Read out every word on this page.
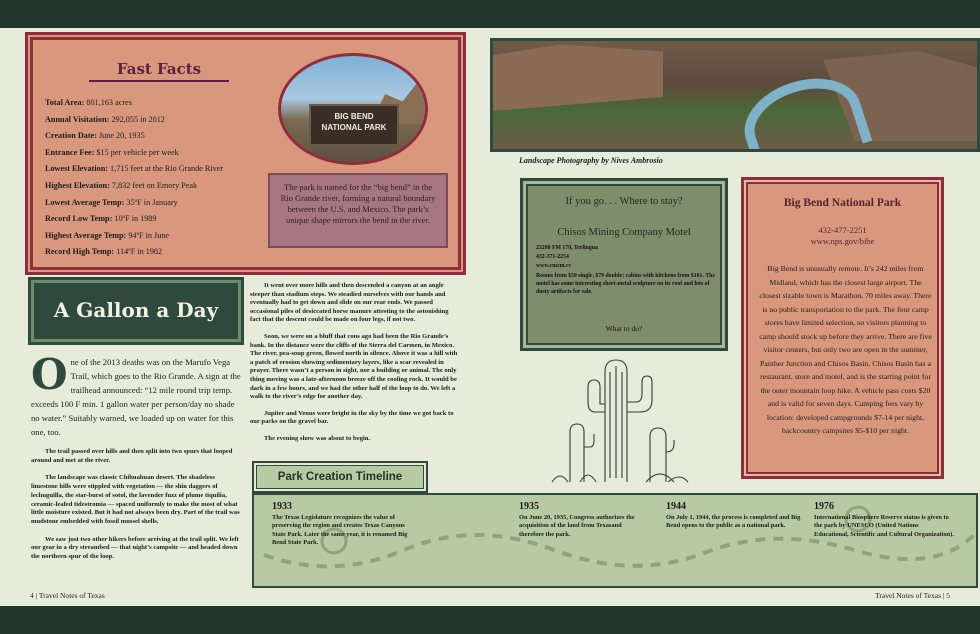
Fast Facts
Total Area: 801,163 acres
Annual Visitation: 292,055 in 2012
Creation Date: June 20, 1935
Entrance Fee: $15 per vehicle per week
Lowest Elevation: 1,715 feet at the Rio Grande River
Highest Elevation: 7,832 feet on Emory Peak
Lowest Average Temp: 35ºF in January
Record Low Temp: 10ºF in 1989
Highest Average Temp: 94ºF in June
Record High Temp: 114ºF in 1982
BIG BEND
NATIONAL PARK
The park is named for the “big bend” in the Rio Grande river, forming a natural boundary between the U.S. and Mexico. The park’s unique shape mirrors the bend in the river.
Landscape Photography by Nives Ambrosio
A Gallon a Day
One of the 2013 deaths was on the Marufo Vega Trail, which goes to the Rio Grande. A sign at the trailhead announced: “12 mile round trip temp. exceeds 100 F min. 1 gallon water per person/day no shade no water.” Suitably warned, we loaded up on water for this one, too.

The trail passed over hills and then split into two spurs that looped around and met at the river.

The landscape was classic Chihuahuan desert. The shadeless limestone hills were stippled with vegetation — the shin daggers of lechuguilla, the star-burst of sotol, the lavender fuzz of plume tiquilia, ceramic-leafed tidestromia — spaced uniformly to make the most of what little moisture existed. But it had not always been dry. Part of the trail was mudstone embedded with fossil mussel shells.

We saw just two other hikers before arriving at the trail split. We left our gear in a dry streambed — that night’s campsite — and headed down the northern spur of the loop.

It went over more hills and then descended a canyon at an angle steeper than stadium steps. We steadied ourselves with our hands and eventually had to get down and slide on our rear ends. We passed occasional piles of desiccated horse manure attesting to the astonishing fact that the descent could be made on four legs, if not two.

Soon, we were on a bluff that cons ago had been the Rio Grande’s bank. In the distance were the cliffs of the Sierra del Carmen, in Mexico. The river, pea-soup green, flowed north in silence. Above it was a hill with a patch of erosion showing sedimentary layers, like a scar revealed in prayer. There wasn’t a person in sight, nor a building or animal. The only thing moving was a late-afternoon breeze off the cooling rock. It would be dark in a few hours, and we had the other half of the loop to do. We left a walk to the river’s edge for another day.

Jupiter and Venus were bright in the sky by the time we got back to our packs on the gravel bar.

The evening show was about to begin.

If you go. . . Where to stay?
Chisos Mining Company Motel

23280 FM 170, Terlingua

432-371-2254

www.cmcm.cc

Rooms from $59 single, $79 double; cabins with kitchens from $101. The motel has some interesting sheet-metal sculpture on its roof and lots of dusty artifacts for sale.

What to do?
Big Bend National Park
432-477-2251
www.nps.gov/bibe
Big Bend is unusually remote. It’s 242 miles from Midland, which has the closest large airport. The closest sizable town is Marathon, 70 miles away. There is no public transportation to the park. The four camp stores have limited selection, so visitors planning to camp should stock up before they arrive. There are five visitor centers, but only two are open in the summer, Panther Junction and Chisos Basin. Chisos Basin has a restaurant, store and motel, and is the starting point for the outer mountain loop hike. A vehicle pass costs $20 and is valid for seven days. Camping fees vary by location: developed campgrounds $7-14 per night, backcountry campsites $5-$10 per night.
Park Creation Timeline
1933
The Texas Legislature recognizes the value of preserving the region and creates Texas Canyons State Park. Later the same year, it is renamed Big Bend State Park.
1935
On June 20, 1935, Congress authorizes the acquisition of the land from Texasand therefore the park.
1944
On July 1, 1944, the process is completed and Big Bend opens to the public as a national park.
1976
International Biosphere Reserve status is given to the park by UNESCO (United Nations Educational, Scientific and Cultural Organization).
4 | Travel Notes of Texas	Travel Notes of Texas | 5
